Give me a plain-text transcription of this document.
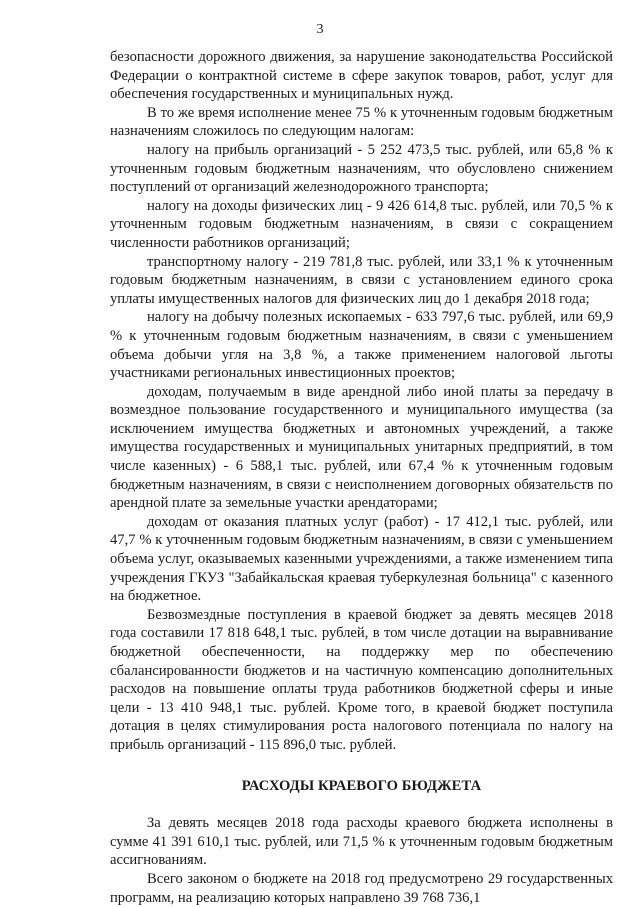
3

безопасности дорожного движения, за нарушение законодательства Российской Федерации о контрактной системе в сфере закупок товаров, работ, услуг для обеспечения государственных и муниципальных нужд.

В то же время исполнение менее 75 % к уточненным годовым бюджетным назначениям сложилось по следующим налогам:

налогу на прибыль организаций - 5 252 473,5 тыс. рублей, или 65,8 % к уточненным годовым бюджетным назначениям, что обусловлено снижением поступлений от организаций железнодорожного транспорта;

налогу на доходы физических лиц - 9 426 614,8 тыс. рублей, или 70,5 % к уточненным годовым бюджетным назначениям, в связи с сокращением численности работников организаций;

транспортному налогу - 219 781,8 тыс. рублей, или 33,1 % к уточненным годовым бюджетным назначениям, в связи с установлением единого срока уплаты имущественных налогов для физических лиц до 1 декабря 2018 года;

налогу на добычу полезных ископаемых - 633 797,6 тыс. рублей, или 69,9 % к уточненным годовым бюджетным назначениям, в связи с уменьшением объема добычи угля на 3,8 %, а также применением налоговой льготы участниками региональных инвестиционных проектов;

доходам, получаемым в виде арендной либо иной платы за передачу в возмездное пользование государственного и муниципального имущества (за исключением имущества бюджетных и автономных учреждений, а также имущества государственных и муниципальных унитарных предприятий, в том числе казенных) - 6 588,1 тыс. рублей, или 67,4 % к уточненным годовым бюджетным назначениям, в связи с неисполнением договорных обязательств по арендной плате за земельные участки арендаторами;

доходам от оказания платных услуг (работ) - 17 412,1 тыс. рублей, или 47,7 % к уточненным годовым бюджетным назначениям, в связи с уменьшением объема услуг, оказываемых казенными учреждениями, а также изменением типа учреждения ГКУЗ "Забайкальская краевая туберкулезная больница" с казенного на бюджетное.

Безвозмездные поступления в краевой бюджет за девять месяцев 2018 года составили 17 818 648,1 тыс. рублей, в том числе дотации на выравнивание бюджетной обеспеченности, на поддержку мер по обеспечению сбалансированности бюджетов и на частичную компенсацию дополнительных расходов на повышение оплаты труда работников бюджетной сферы и иные цели - 13 410 948,1 тыс. рублей. Кроме того, в краевой бюджет поступила дотация в целях стимулирования роста налогового потенциала по налогу на прибыль организаций - 115 896,0 тыс. рублей.

РАСХОДЫ КРАЕВОГО БЮДЖЕТА

За девять месяцев 2018 года расходы краевого бюджета исполнены в сумме 41 391 610,1 тыс. рублей, или 71,5 % к уточненным годовым бюджетным ассигнованиям.

Всего законом о бюджете на 2018 год предусмотрено 29 государственных программ, на реализацию которых направлено 39 768 736,1
